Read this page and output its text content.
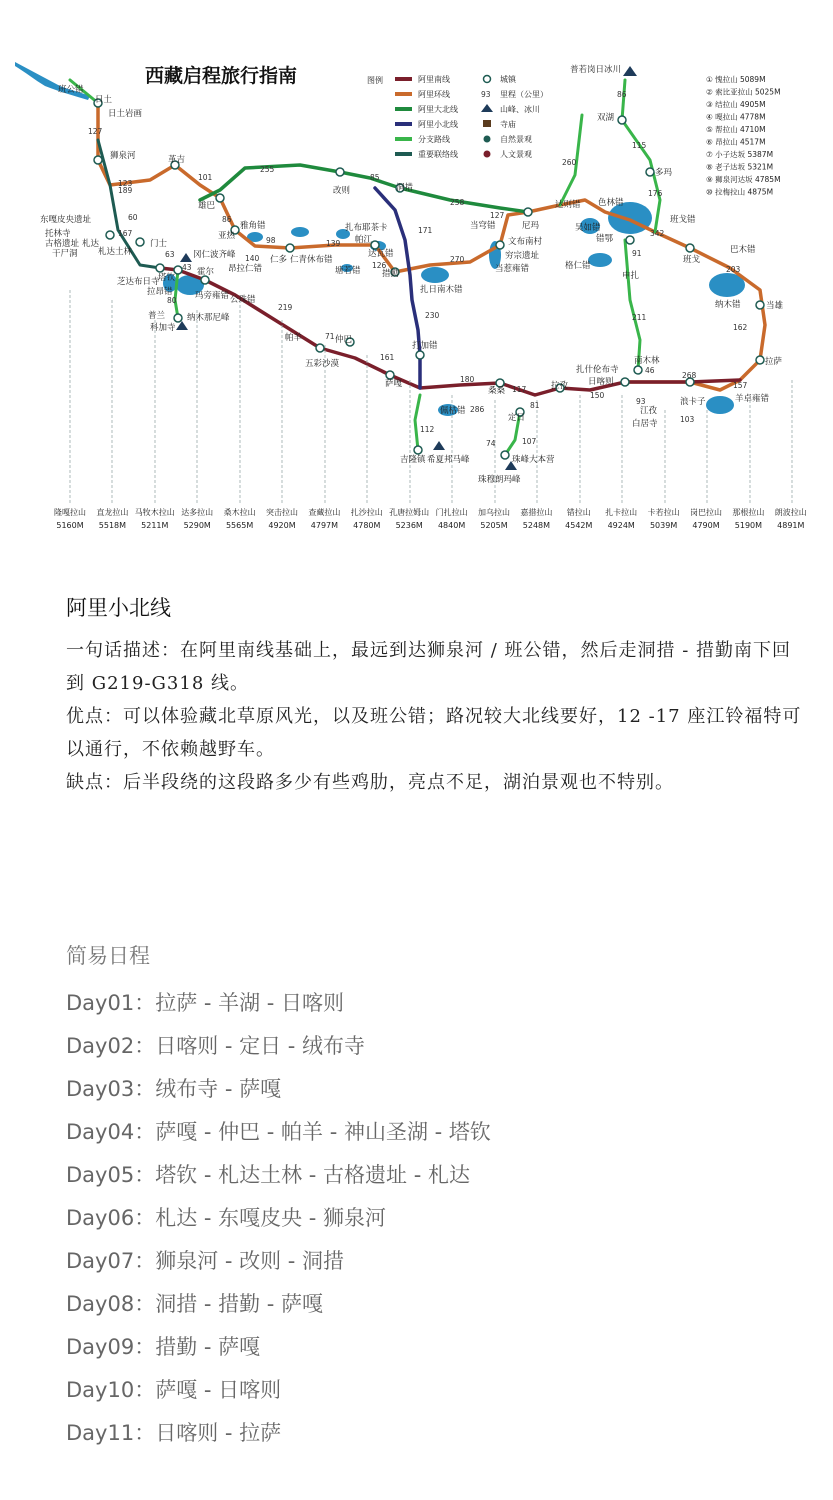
西藏启程旅行指南	图例	阿里南线
阿里环线
阿里大北线
阿里小北线
分支路线
重要联络线
城镇
93 里程（公里）
山峰、冰川
寺庙
自然景观
人文景观
① 愧拉山 5089M
② 索比亚拉山 5025M
③ 结拉山 4905M
④ 嘎拉山 4778M
⑤ 帮拉山 4710M
⑥ 昂拉山 4517M
⑦ 小子达坂 5387M
⑧ 老子达坂 5321M
⑨ 狮泉河达坂 4785M
⑩ 拉梅拉山 4875M
班公错
日土
日土岩画
狮泉河	革吉
改则	洞措
雄巴
亚热
当穹错	尼玛
达则错 色林错
班戈错
班戈
巴木错
东嘎皮央遗址
托林寺
古格遗址
干尸洞
札达
札达土林
门士
塔钦
芝达布日寺
拉昂错
冈仁波齐峰
霍尔
玛旁雍错
普兰
科加寺
纳木那尼峰
公珠错
帕羊	仲巴
五彩沙漠
萨嘎
佩枯错
吉隆镇 希夏邦马峰
桑桑
定日
珠峰大本营
珠穆朗玛峰
拉孜 日喀则
扎什伦布寺
江孜
白居寺
浪卡子	羊卓雍错
拉萨
当雄
纳木错
南木林
申扎
格仁错
错鄂
吴如错
文布南村
当惹雍错
穷宗遗址
措勤
扎日南木错
打加错
昂拉仁错
仁多 仁青休布错
扎布耶茶卡
帕江
达瓦错
塘若错
普若岗日冰川
双湖
多玛
雅角错
127
123
101
255
85
258
127
86
260
115
176
342
203
162
157
268
46
93
103
211
91
171
126
270
230
139
98
140
86
189
60
167
63
43
80
219
71
161
180
117
150
286	81
112
74	107
隆嘎拉山
5160M
直龙拉山
5518M
马牧木拉山
5211M
达多拉山
5290M
桑木拉山
5565M
突击拉山
4920M
查藏拉山
4797M
扎沙拉山
4780M
孔唐拉姆山
5236M
门扎拉山
4840M
加乌拉山
5205M
嘉措拉山
5248M
错拉山
4542M
扎卡拉山
4924M
卡若拉山
5039M
岗巴拉山
4790M
那根拉山
5190M
朗波拉山
4891M

阿里小北线

一句话描述：在阿里南线基础上，最远到达狮泉河 / 班公错，然后走洞措 - 措勤南下回到 G219-G318 线。

优点：可以体验藏北草原风光，以及班公错；路况较大北线要好，12 -17 座江铃福特可以通行，不依赖越野车。

缺点：后半段绕的这段路多少有些鸡肋，亮点不足，湖泊景观也不特别。

简易日程

Day01：拉萨 - 羊湖 - 日喀则
Day02：日喀则 - 定日 - 绒布寺
Day03：绒布寺 - 萨嘎
Day04：萨嘎 - 仲巴 - 帕羊 - 神山圣湖 - 塔钦
Day05：塔钦 - 札达土林 - 古格遗址 - 札达
Day06：札达 - 东嘎皮央 - 狮泉河
Day07：狮泉河 - 改则 - 洞措
Day08：洞措 - 措勤 - 萨嘎
Day09：措勤 - 萨嘎
Day10：萨嘎 - 日喀则
Day11：日喀则 - 拉萨
